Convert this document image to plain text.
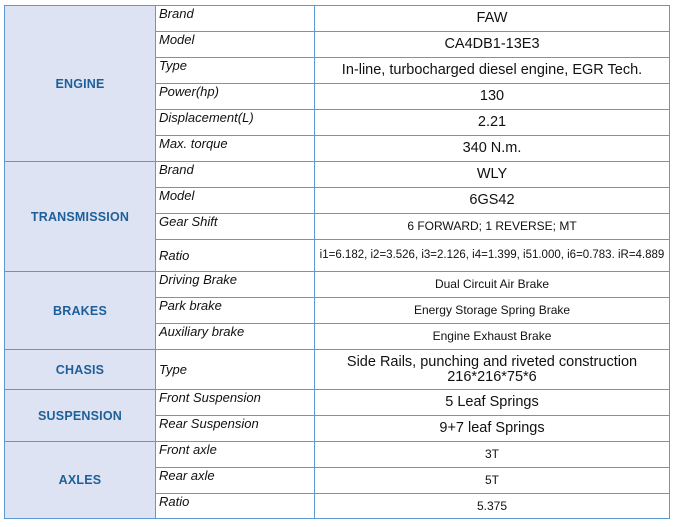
ENGINE	Brand	FAW
	Model	CA4DB1-13E3
	Type	In-line, turbocharged diesel engine, EGR Tech.
	Power(hp)	130
	Displacement(L)	2.21
	Max. torque	340 N.m.
TRANSMISSION	Brand	WLY
	Model	6GS42
	Gear Shift	6 FORWARD; 1 REVERSE; MT
	Ratio	i1=6.182, i2=3.526, i3=2.126, i4=1.399, i51.000, i6=0.783. iR=4.889
BRAKES	Driving Brake	Dual Circuit Air Brake
	Park brake	Energy Storage Spring Brake
	Auxiliary brake	Engine Exhaust Brake
CHASIS	Type	Side Rails, punching and riveted construction 216*216*75*6
SUSPENSION	Front Suspension	5 Leaf Springs
	Rear Suspension	9+7 leaf Springs
AXLES	Front axle	3T
	Rear axle	5T
	Ratio	5.375
